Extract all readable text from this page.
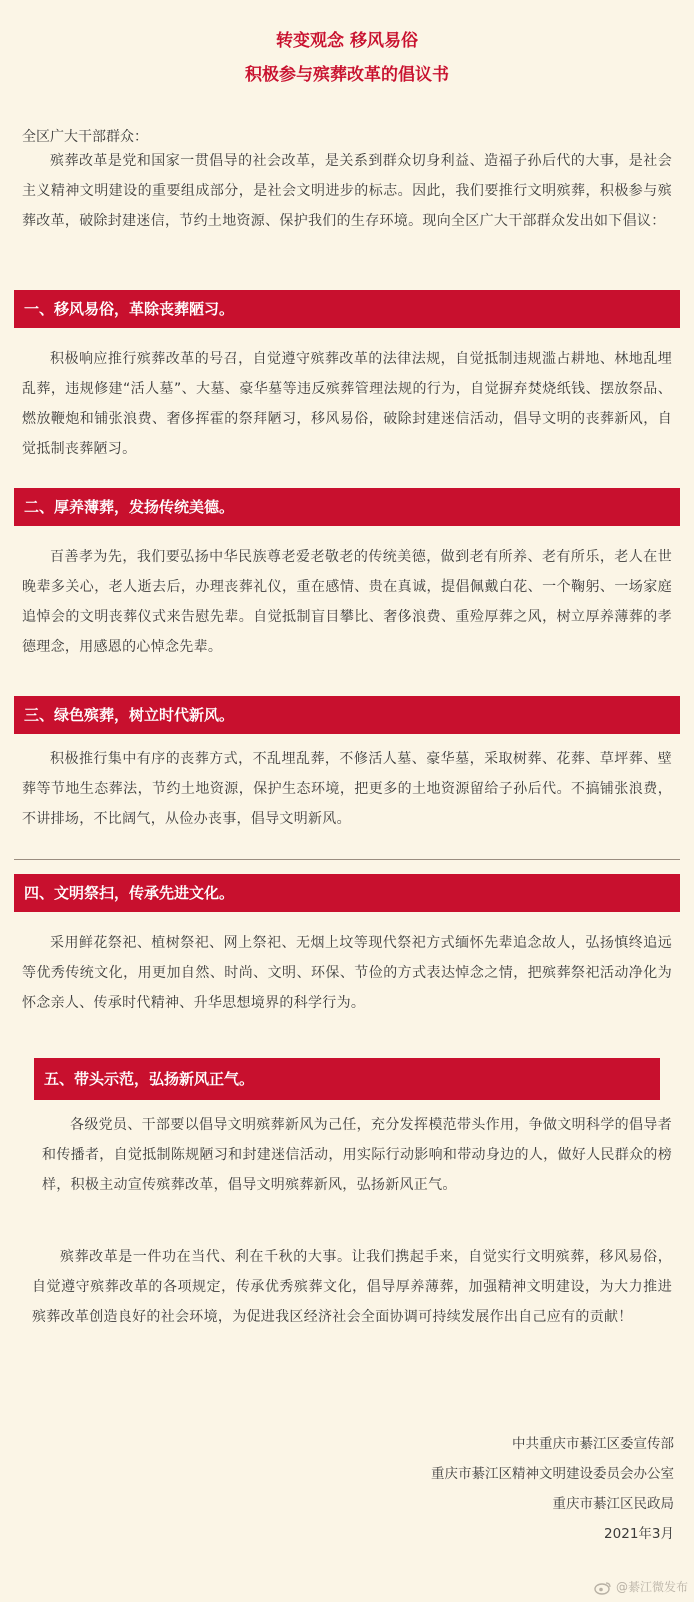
转变观念 移风易俗
积极参与殡葬改革的倡议书
全区广大干部群众：
殡葬改革是党和国家一贯倡导的社会改革，是关系到群众切身利益、造福子孙后代的大事，是社会主义精神文明建设的重要组成部分，是社会文明进步的标志。因此，我们要推行文明殡葬，积极参与殡葬改革，破除封建迷信，节约土地资源、保护我们的生存环境。现向全区广大干部群众发出如下倡议：
一、移风易俗，革除丧葬陋习。
积极响应推行殡葬改革的号召，自觉遵守殡葬改革的法律法规，自觉抵制违规滥占耕地、林地乱埋乱葬，违规修建“活人墓”、大墓、豪华墓等违反殡葬管理法规的行为，自觉摒弃焚烧纸钱、摆放祭品、燃放鞭炮和铺张浪费、奢侈挥霍的祭拜陋习，移风易俗，破除封建迷信活动，倡导文明的丧葬新风，自觉抵制丧葬陋习。
二、厚养薄葬，发扬传统美德。
百善孝为先，我们要弘扬中华民族尊老爱老敬老的传统美德，做到老有所养、老有所乐，老人在世晚辈多关心，老人逝去后，办理丧葬礼仪，重在感情、贵在真诚，提倡佩戴白花、一个鞠躬、一场家庭追悼会的文明丧葬仪式来告慰先辈。自觉抵制盲目攀比、奢侈浪费、重殓厚葬之风，树立厚养薄葬的孝德理念，用感恩的心悼念先辈。
三、绿色殡葬，树立时代新风。
积极推行集中有序的丧葬方式，不乱埋乱葬，不修活人墓、豪华墓，采取树葬、花葬、草坪葬、壁葬等节地生态葬法，节约土地资源，保护生态环境，把更多的土地资源留给子孙后代。不搞铺张浪费，不讲排场，不比阔气，从俭办丧事，倡导文明新风。
四、文明祭扫，传承先进文化。
采用鲜花祭祀、植树祭祀、网上祭祀、无烟上坟等现代祭祀方式缅怀先辈追念故人，弘扬慎终追远等优秀传统文化，用更加自然、时尚、文明、环保、节俭的方式表达悼念之情，把殡葬祭祀活动净化为怀念亲人、传承时代精神、升华思想境界的科学行为。
五、带头示范，弘扬新风正气。
各级党员、干部要以倡导文明殡葬新风为己任，充分发挥模范带头作用，争做文明科学的倡导者和传播者，自觉抵制陈规陋习和封建迷信活动，用实际行动影响和带动身边的人，做好人民群众的榜样，积极主动宣传殡葬改革，倡导文明殡葬新风，弘扬新风正气。
殡葬改革是一件功在当代、利在千秋的大事。让我们携起手来，自觉实行文明殡葬，移风易俗，自觉遵守殡葬改革的各项规定，传承优秀殡葬文化，倡导厚养薄葬，加强精神文明建设，为大力推进殡葬改革创造良好的社会环境，为促进我区经济社会全面协调可持续发展作出自己应有的贡献！
中共重庆市綦江区委宣传部
重庆市綦江区精神文明建设委员会办公室
重庆市綦江区民政局
2021年3月
@綦江微发布
